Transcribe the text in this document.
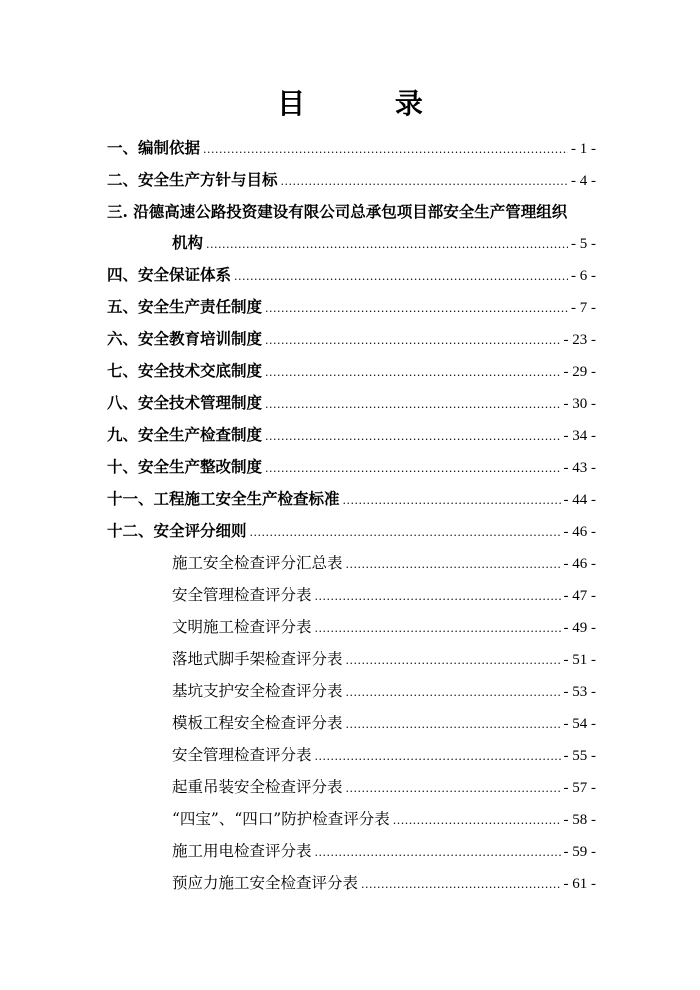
目 录
一、编制依据 .....	- 1 -
二、安全生产方针与目标 .....	- 4 -
三. 沿德高速公路投资建设有限公司总承包项目部安全生产管理组织
机构 .....	- 5 -
四、安全保证体系 .....	- 6 -
五、安全生产责任制度 .....	- 7 -
六、安全教育培训制度 .....	- 23 -
七、安全技术交底制度 .....	- 29 -
八、安全技术管理制度 .....	- 30 -
九、安全生产检查制度 .....	- 34 -
十、安全生产整改制度 .....	- 43 -
十一、工程施工安全生产检查标准 .....	- 44 -
十二、安全评分细则 .....	- 46 -
施工安全检查评分汇总表 .....	- 46 -
安全管理检查评分表 .....	- 47 -
文明施工检查评分表 .....	- 49 -
落地式脚手架检查评分表 .....	- 51 -
基坑支护安全检查评分表 .....	- 53 -
模板工程安全检查评分表 .....	- 54 -
安全管理检查评分表 .....	- 55 -
起重吊装安全检查评分表 .....	- 57 -
“四宝”、“四口”防护检查评分表 .....	- 58 -
施工用电检查评分表 .....	- 59 -
预应力施工安全检查评分表 .....	- 61 -
